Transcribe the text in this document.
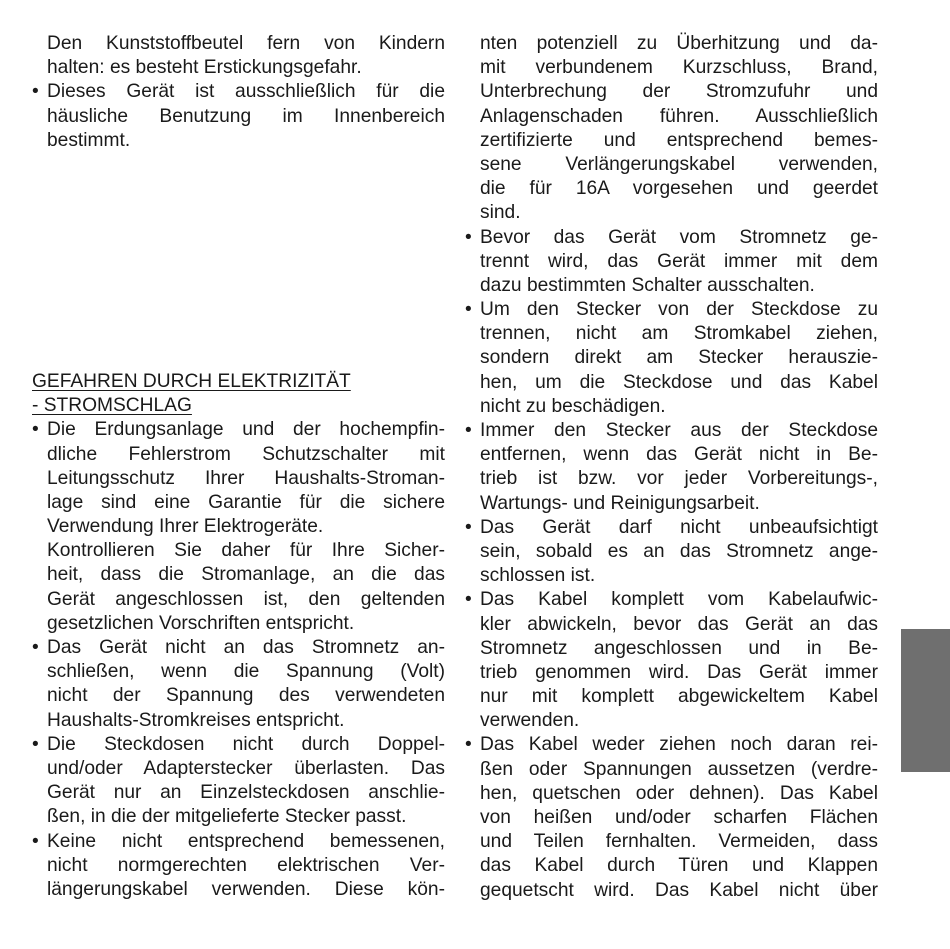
Den Kunststoffbeutel fern von Kindern
halten: es besteht Erstickungsgefahr.
• Dieses Gerät ist ausschließlich für die
häusliche Benutzung im Innenbereich
bestimmt.
GEFAHREN DURCH ELEKTRIZITÄT
- STROMSCHLAG
• Die Erdungsanlage und der hochempfin-
dliche Fehlerstrom Schutzschalter mit
Leitungsschutz Ihrer Haushalts-Stroman-
lage sind eine Garantie für die sichere
Verwendung Ihrer Elektrogeräte.
Kontrollieren Sie daher für Ihre Sicher-
heit, dass die Stromanlage, an die das
Gerät angeschlossen ist, den geltenden
gesetzlichen Vorschriften entspricht.
• Das Gerät nicht an das Stromnetz an-
schließen, wenn die Spannung (Volt)
nicht der Spannung des verwendeten
Haushalts-Stromkreises entspricht.
• Die Steckdosen nicht durch Doppel-
und/oder Adapterstecker überlasten. Das
Gerät nur an Einzelsteckdosen anschlie-
ßen, in die der mitgelieferte Stecker passt.
• Keine nicht entsprechend bemessenen,
nicht normgerechten elektrischen Ver-
längerungskabel verwenden. Diese kön-
nten potenziell zu Überhitzung und da-
mit verbundenem Kurzschluss, Brand,
Unterbrechung der Stromzufuhr und
Anlagenschaden führen. Ausschließlich
zertifizierte und entsprechend bemes-
sene Verlängerungskabel verwenden,
die für 16A vorgesehen und geerdet
sind.
• Bevor das Gerät vom Stromnetz ge-
trennt wird, das Gerät immer mit dem
dazu bestimmten Schalter ausschalten.
• Um den Stecker von der Steckdose zu
trennen, nicht am Stromkabel ziehen,
sondern direkt am Stecker herauszie-
hen, um die Steckdose und das Kabel
nicht zu beschädigen.
• Immer den Stecker aus der Steckdose
entfernen, wenn das Gerät nicht in Be-
trieb ist bzw. vor jeder Vorbereitungs-,
Wartungs- und Reinigungsarbeit.
• Das Gerät darf nicht unbeaufsichtigt
sein, sobald es an das Stromnetz ange-
schlossen ist.
• Das Kabel komplett vom Kabelaufwic-
kler abwickeln, bevor das Gerät an das
Stromnetz angeschlossen und in Be-
trieb genommen wird. Das Gerät immer
nur mit komplett abgewickeltem Kabel
verwenden.
• Das Kabel weder ziehen noch daran rei-
ßen oder Spannungen aussetzen (verdre-
hen, quetschen oder dehnen). Das Kabel
von heißen und/oder scharfen Flächen
und Teilen fernhalten. Vermeiden, dass
das Kabel durch Türen und Klappen
gequetscht wird. Das Kabel nicht über
